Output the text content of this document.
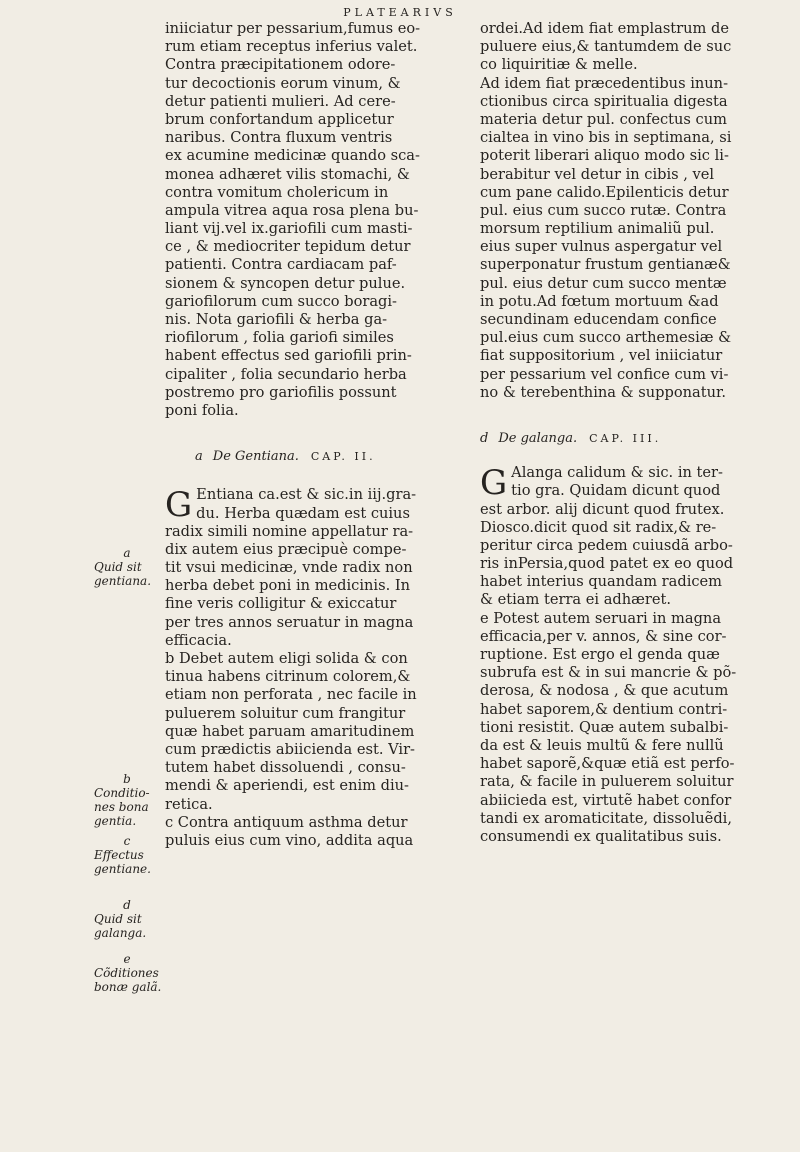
PLATEARIVS
iniiciatur per pessarium,fumus eo-
rum etiam receptus inferius valet.
Contra præcipitationem odore-
tur decoctionis eorum vinum, &
detur patienti mulieri. Ad cere-
brum confortandum applicetur
naribus. Contra fluxum ventris
ex acumine medicinæ quando sca-
monea adhæret vilis stomachi, &
contra vomitum cholericum in
ampula vitrea aqua rosa plena bu-
liant vij.vel ix.gariofili cum masti-
ce , & mediocriter tepidum detur
patienti. Contra cardiacam paf-
sionem & syncopen detur pulue.
gariofilorum cum succo boragi-
nis. Nota gariofili & herba ga-
riofilorum , folia gariofi similes
habent effectus sed gariofili prin-
cipaliter , folia secundario herba
postremo pro gariofilis possunt
poni folia.
a De Gentiana. CAP. II.
G Entiana ca.est & sic.in iij.gra-
du. Herba quædam est cuius
radix simili nomine appellatur ra-
dix autem eius præcipuè compe-
tit vsui medicinæ, vnde radix non
herba debet poni in medicinis. In
fine veris colligitur & exiccatur
per tres annos seruatur in magna
efficacia.
b Debet autem eligi solida & con
tinua habens citrinum colorem,&
etiam non perforata , nec facile in
puluerem soluitur cum frangitur
quæ habet paruam amaritudinem
cum prædictis abiicienda est. Vir-
tutem habet dissoluendi , consu-
mendi & aperiendi, est enim diu-
retica.
c Contra antiquum asthma detur
puluis eius cum vino, addita aqua
ordei.Ad idem fiat emplastrum de
puluere eius,& tantumdem de suc
co liquiritiæ & melle.
Ad idem fiat præcedentibus inun-
ctionibus circa spiritualia digesta
materia detur pul. confectus cum
cialtea in vino bis in septimana, si
poterit liberari aliquo modo sic li-
berabitur vel detur in cibis , vel
cum pane calido.Epilenticis detur
pul. eius cum succo rutæ. Contra
morsum reptilium animaliũ pul.
eius super vulnus aspergatur vel
superponatur frustum gentianæ&
pul. eius detur cum succo mentæ
in potu.Ad fœtum mortuum &ad
secundinam educendam confice
pul.eius cum succo arthemesiæ &
fiat suppositorium , vel iniiciatur
per pessarium vel confice cum vi-
no & terebenthina & supponatur.
d De galanga. CAP. III.
G Alanga calidum & sic. in ter-
tio gra. Quidam dicunt quod
est arbor. alij dicunt quod frutex.
Diosco.dicit quod sit radix,& re-
peritur circa pedem cuiusdã arbo-
ris inPersia,quod patet ex eo quod
habet interius quandam radicem
& etiam terra ei adhæret.
e Potest autem seruari in magna
efficacia,per v. annos, & sine cor-
ruptione. Est ergo el genda quæ
subrufa est & in sui mancrie & põ-
derosa, & nodosa , & que acutum
habet saporem,& dentium contri-
tioni resistit. Quæ autem subalbi-
da est & leuis multũ & fere nullũ
habet saporẽ,&quæ etiã est perfo-
rata, & facile in puluerem soluitur
abiicieda est, virtutẽ habet confor
tandi ex aromaticitate, dissoluẽdi,
consumendi ex qualitatibus suis.
a
Quid sit
gentiana.
b
Conditio-
nes bona
gentia.
c
Effectus
gentiane.
d
Quid sit
galanga.
e
Cõditiones
bonæ galã.
